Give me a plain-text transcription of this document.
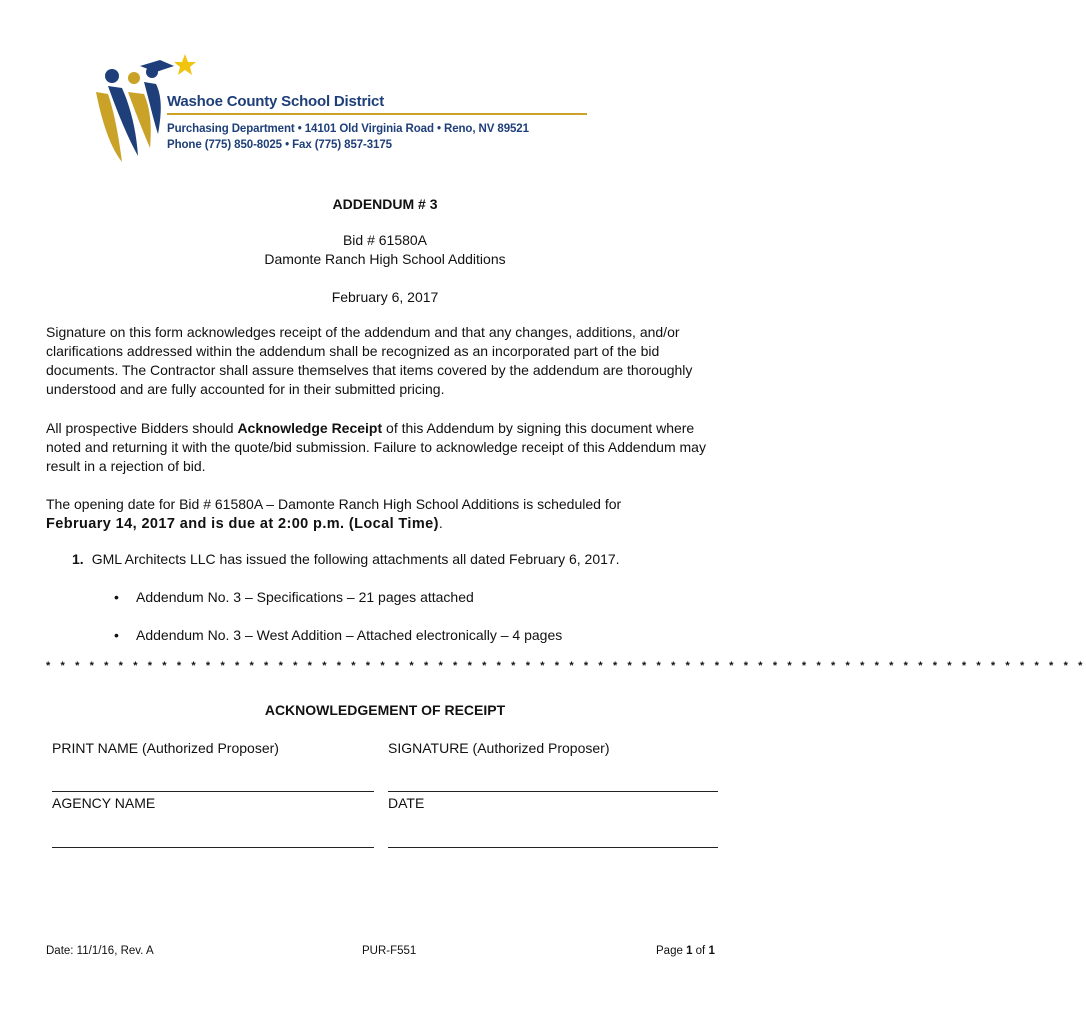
Washoe County School District
Purchasing Department • 14101 Old Virginia Road • Reno, NV 89521
Phone (775) 850-8025 • Fax (775) 857-3175
ADDENDUM # 3
Bid # 61580A
Damonte Ranch High School Additions
February 6, 2017
Signature on this form acknowledges receipt of the addendum and that any changes, additions, and/or clarifications addressed within the addendum shall be recognized as an incorporated part of the bid documents. The Contractor shall assure themselves that items covered by the addendum are thoroughly understood and are fully accounted for in their submitted pricing.
All prospective Bidders should Acknowledge Receipt of this Addendum by signing this document where noted and returning it with the quote/bid submission. Failure to acknowledge receipt of this Addendum may result in a rejection of bid.
The opening date for Bid # 61580A – Damonte Ranch High School Additions is scheduled for
February 14, 2017 and is due at 2:00 p.m. (Local Time).
1. GML Architects LLC has issued the following attachments all dated February 6, 2017.
• Addendum No. 3 – Specifications – 21 pages attached
• Addendum No. 3 – West Addition – Attached electronically – 4 pages
* * * * * * * * * * * * * * * * * * * * * * * * * * * * * * * * * * * * * * * * * * * * * * * * * * * * * * * * * * * * * * * * * * * * * * * *
ACKNOWLEDGEMENT OF RECEIPT
PRINT NAME (Authorized Proposer)	SIGNATURE (Authorized Proposer)
AGENCY NAME	DATE
Date: 11/1/16, Rev. A	PUR-F551	Page 1 of 1
